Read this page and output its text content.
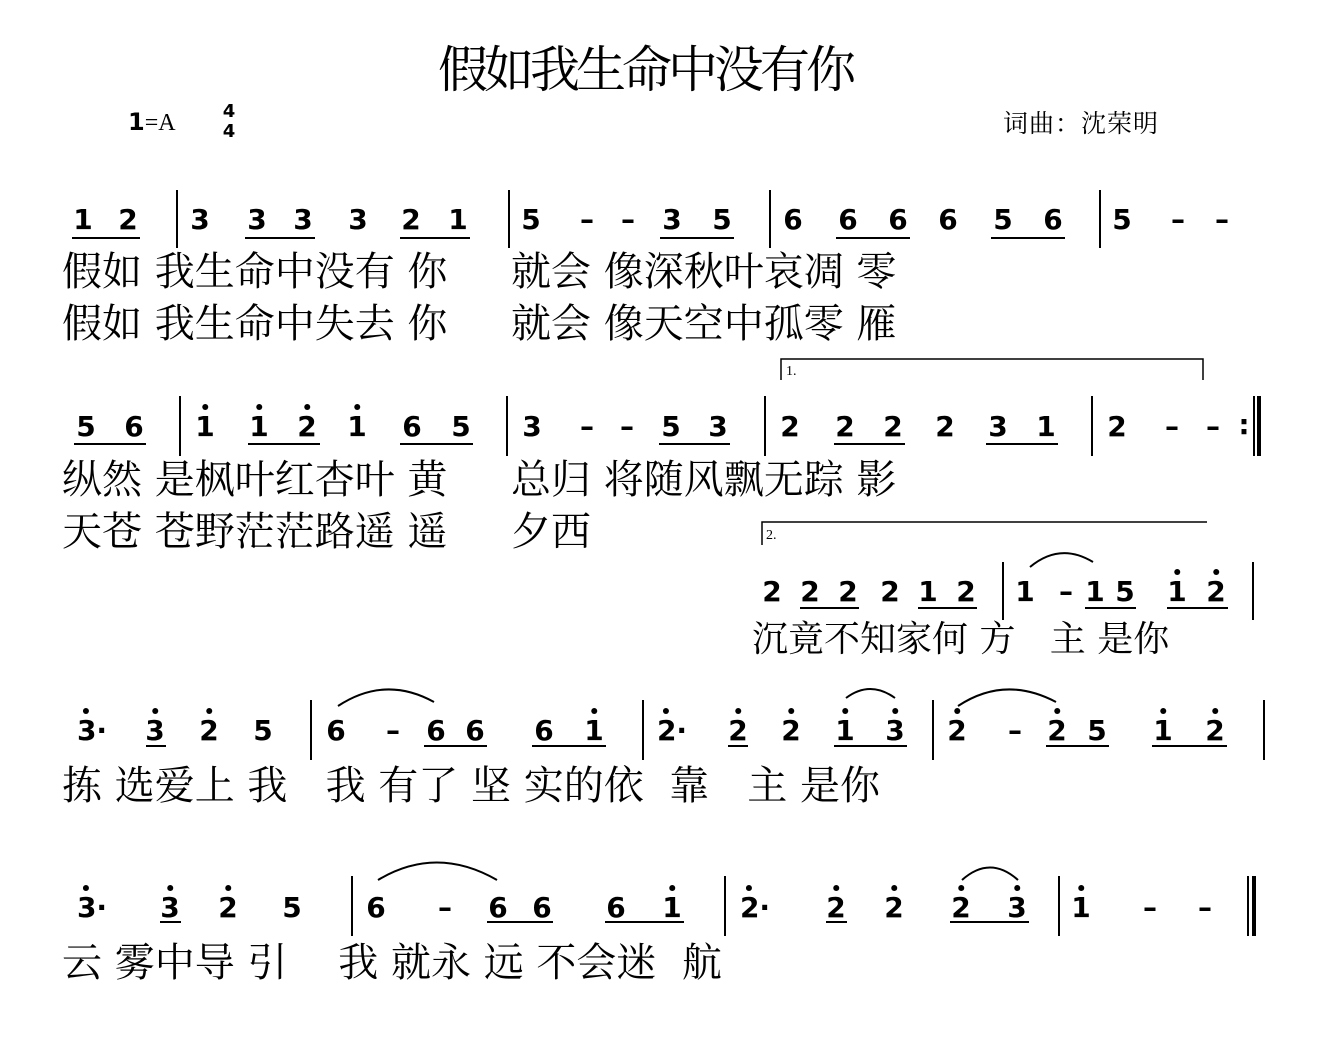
假如我生命中没有你
1=A	4
4	词曲：沈荣明
1 2 3 3 3 3 2 1 5 – – 3 5 6 6 6 6 5 6 5 – –
5 6 1 1 2 1 6 5 3 – – 5 3 2 2 2 2 3 1 2 – – :
2 2 2 2 1 2 1 – 1 5 1 2
3· 3 2 5 6 – 6 6 6 1 2· 2 2 1 3 2 – 2 5 1 2
3· 3 2 5 6 – 6 6 6 1 2· 2 2 2 3 1 – –
假如 我生命中没有 你     就会 像深秋叶哀凋 零
假如 我生命中失去 你     就会 像天空中孤零 雁
纵然 是枫叶红杏叶 黄     总归 将随风飘无踪 影
天苍 苍野茫茫路遥 遥     夕西
沉竟不知家何 方   主 是你
拣 选爱上 我   我 有了 坚 实的依  靠   主 是你
云 雾中导 引    我 就永 远 不会迷  航
1.
2.
